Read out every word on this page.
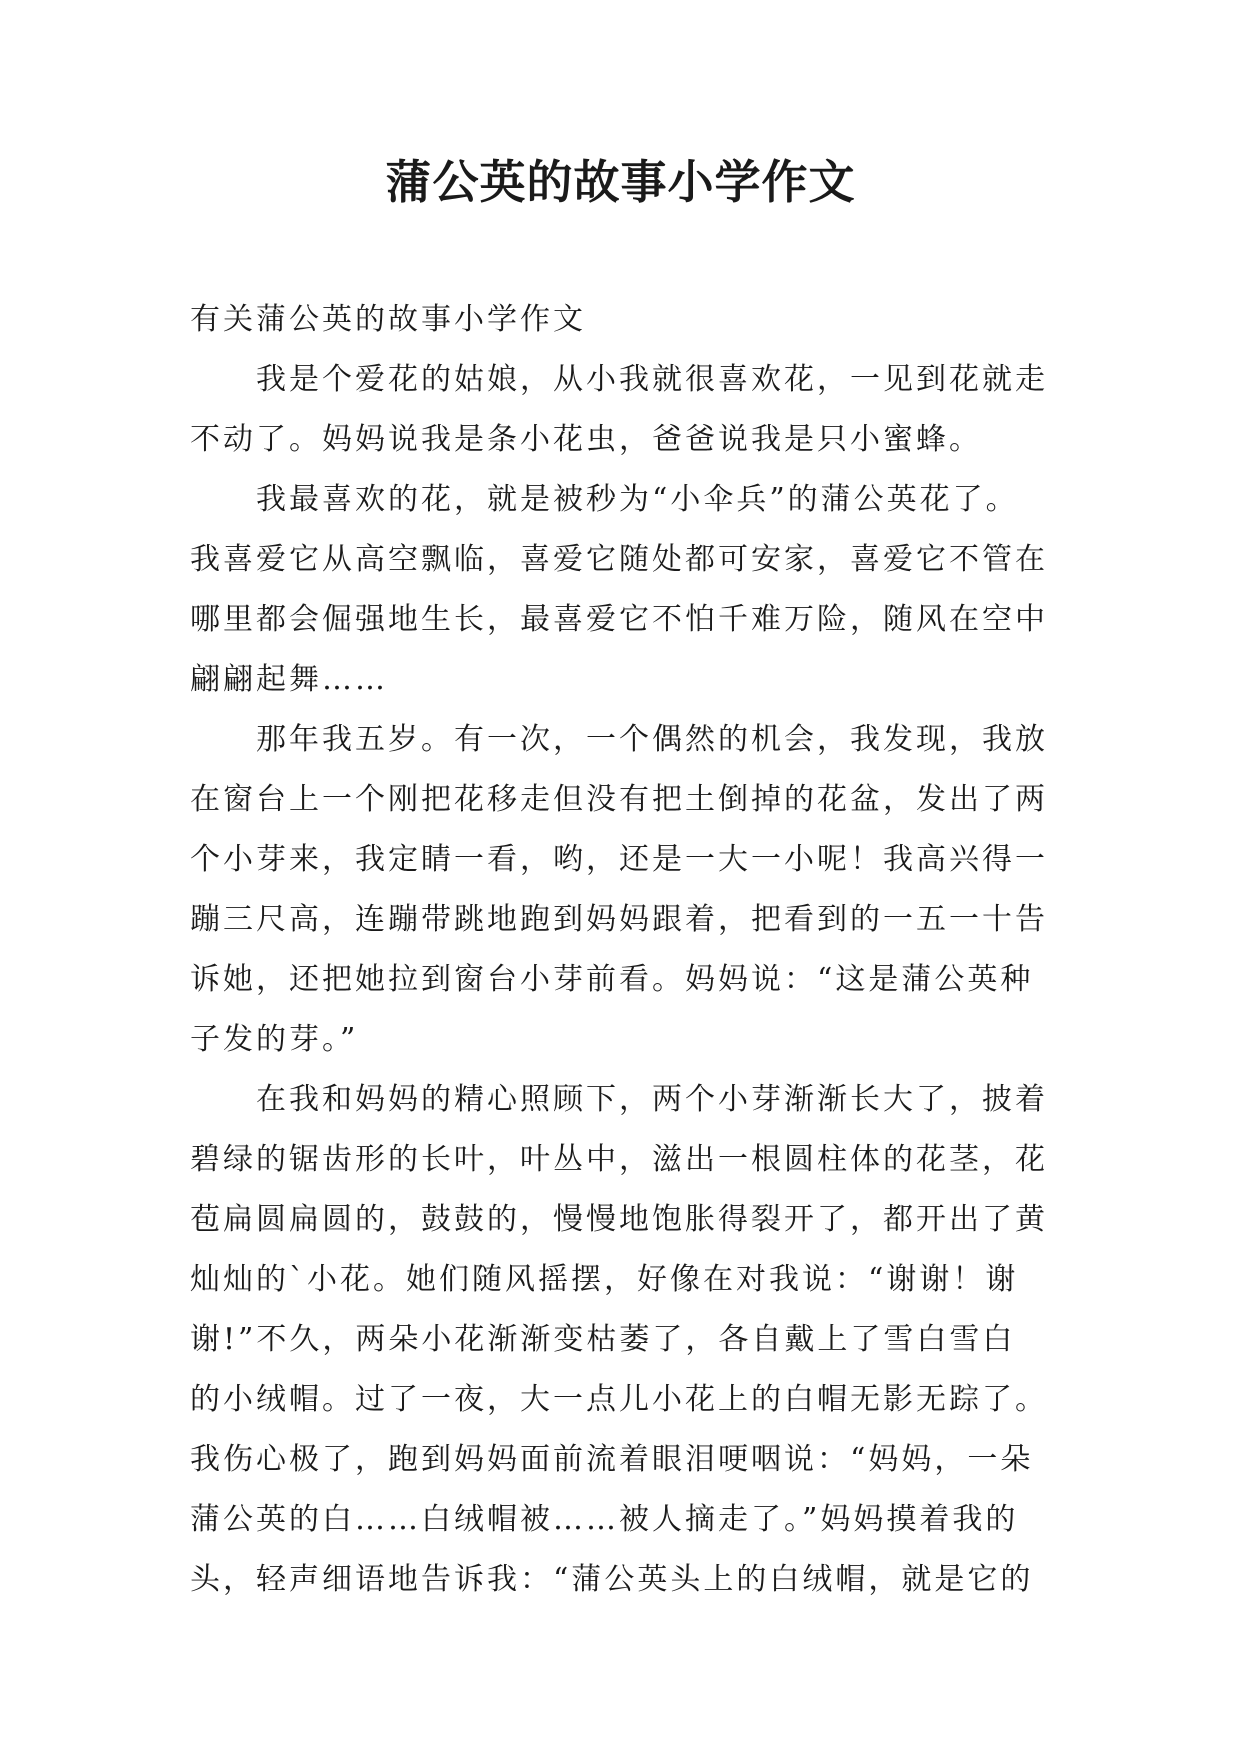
蒲公英的故事小学作文
有关蒲公英的故事小学作文
我是个爱花的姑娘，从小我就很喜欢花，一见到花就走
不动了。妈妈说我是条小花虫，爸爸说我是只小蜜蜂。
我最喜欢的花，就是被秒为“小伞兵”的蒲公英花了。
我喜爱它从高空飘临，喜爱它随处都可安家，喜爱它不管在
哪里都会倔强地生长，最喜爱它不怕千难万险，随风在空中
翩翩起舞……
那年我五岁。有一次，一个偶然的机会，我发现，我放
在窗台上一个刚把花移走但没有把土倒掉的花盆，发出了两
个小芽来，我定睛一看，哟，还是一大一小呢！我高兴得一
蹦三尺高，连蹦带跳地跑到妈妈跟着，把看到的一五一十告
诉她，还把她拉到窗台小芽前看。妈妈说：“这是蒲公英种
子发的芽。”
在我和妈妈的精心照顾下，两个小芽渐渐长大了，披着
碧绿的锯齿形的长叶，叶丛中，滋出一根圆柱体的花茎，花
苞扁圆扁圆的，鼓鼓的，慢慢地饱胀得裂开了，都开出了黄
灿灿的`小花。她们随风摇摆，好像在对我说：“谢谢！谢
谢!”不久，两朵小花渐渐变枯萎了，各自戴上了雪白雪白
的小绒帽。过了一夜，大一点儿小花上的白帽无影无踪了。
我伤心极了，跑到妈妈面前流着眼泪哽咽说：“妈妈，一朵
蒲公英的白……白绒帽被……被人摘走了。”妈妈摸着我的
头，轻声细语地告诉我：“蒲公英头上的白绒帽，就是它的
